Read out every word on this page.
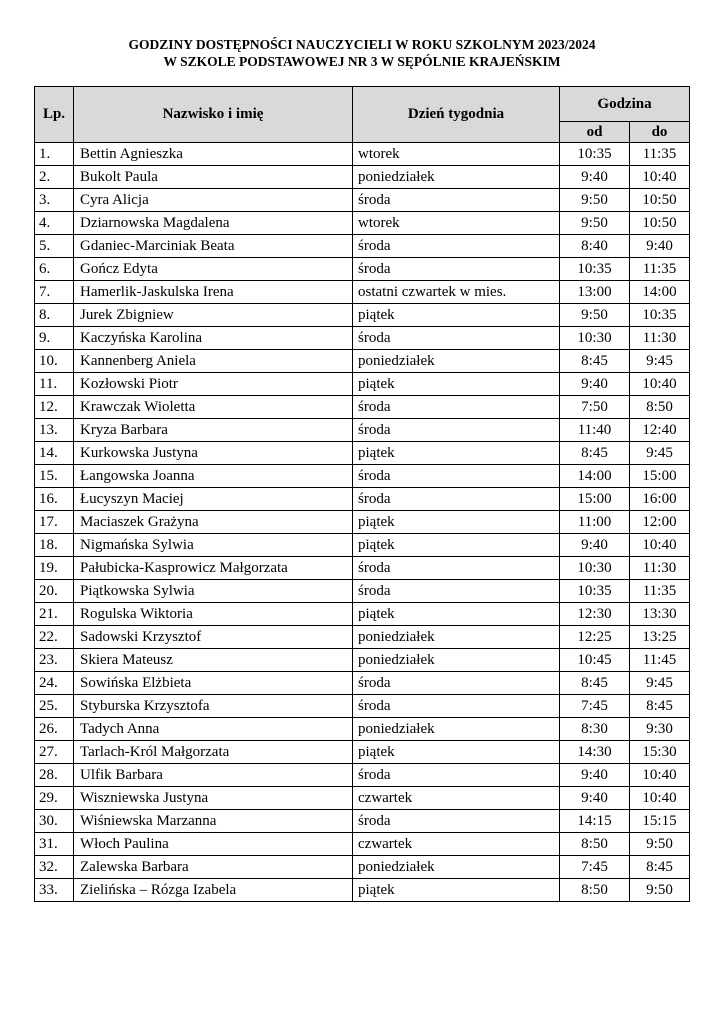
GODZINY DOSTĘPNOŚCI NAUCZYCIELI W ROKU SZKOLNYM 2023/2024
W SZKOLE PODSTAWOWEJ NR 3 W SĘPÓLNIE KRAJEŃSKIM
Lp.	Nazwisko i imię	Dzień tygodnia	Godzina	
			od	do
1.	Bettin Agnieszka	wtorek	10:35	11:35
2.	Bukolt Paula	poniedziałek	9:40	10:40
3.	Cyra Alicja	środa	9:50	10:50
4.	Dziarnowska Magdalena	wtorek	9:50	10:50
5.	Gdaniec-Marciniak Beata	środa	8:40	9:40
6.	Gończ Edyta	środa	10:35	11:35
7.	Hamerlik-Jaskulska Irena	ostatni czwartek w mies.	13:00	14:00
8.	Jurek Zbigniew	piątek	9:50	10:35
9.	Kaczyńska Karolina	środa	10:30	11:30
10.	Kannenberg Aniela	poniedziałek	8:45	9:45
11.	Kozłowski Piotr	piątek	9:40	10:40
12.	Krawczak Wioletta	środa	7:50	8:50
13.	Kryza Barbara	środa	11:40	12:40
14.	Kurkowska Justyna	piątek	8:45	9:45
15.	Łangowska Joanna	środa	14:00	15:00
16.	Łucyszyn Maciej	środa	15:00	16:00
17.	Maciaszek Grażyna	piątek	11:00	12:00
18.	Nigmańska Sylwia	piątek	9:40	10:40
19.	Pałubicka-Kasprowicz Małgorzata	środa	10:30	11:30
20.	Piątkowska Sylwia	środa	10:35	11:35
21.	Rogulska Wiktoria	piątek	12:30	13:30
22.	Sadowski Krzysztof	poniedziałek	12:25	13:25
23.	Skiera Mateusz	poniedziałek	10:45	11:45
24.	Sowińska Elżbieta	środa	8:45	9:45
25.	Styburska Krzysztofa	środa	7:45	8:45
26.	Tadych Anna	poniedziałek	8:30	9:30
27.	Tarlach-Król Małgorzata	piątek	14:30	15:30
28.	Ulfik Barbara	środa	9:40	10:40
29.	Wiszniewska Justyna	czwartek	9:40	10:40
30.	Wiśniewska Marzanna	środa	14:15	15:15
31.	Włoch Paulina	czwartek	8:50	9:50
32.	Zalewska Barbara	poniedziałek	7:45	8:45
33.	Zielińska – Rózga Izabela	piątek	8:50	9:50
